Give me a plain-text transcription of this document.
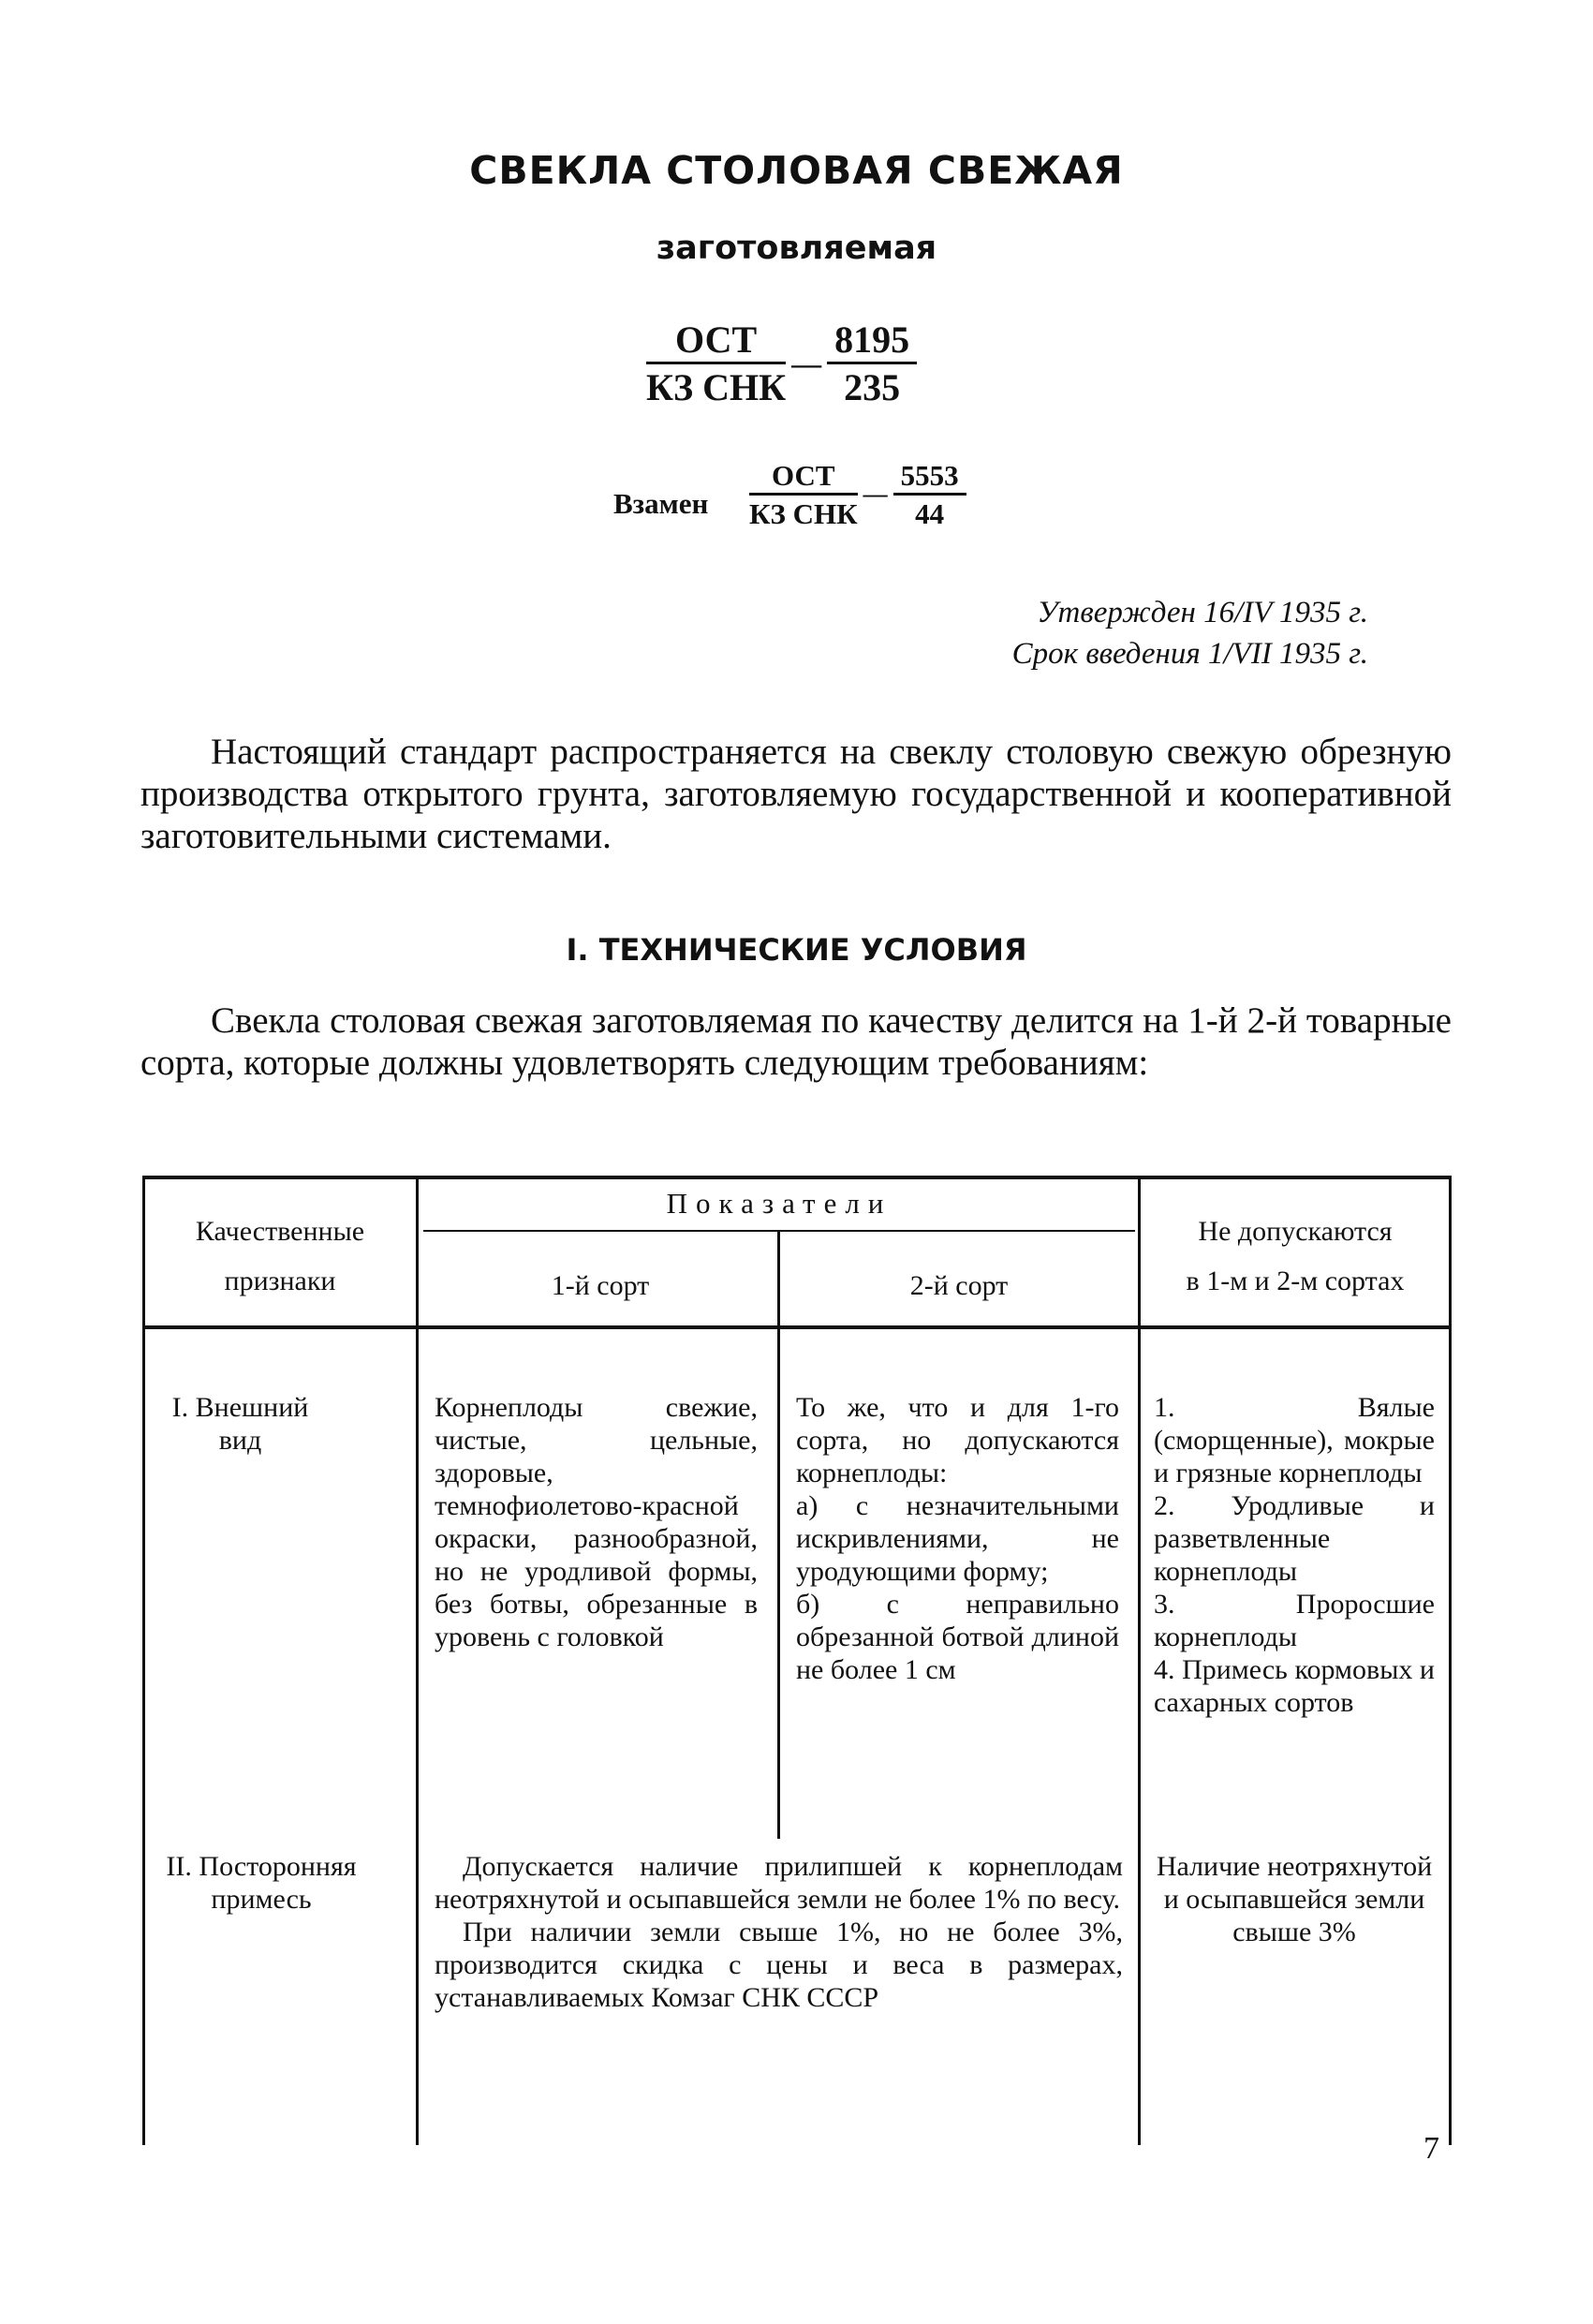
СВЕКЛА СТОЛОВАЯ СВЕЖАЯ
заготовляемая
$\frac{\text{ОСТ}}{\text{КЗ СНК}}$ — $\frac{8195}{235}$
Взамен $\frac{\text{ОСТ}}{\text{КЗ СНК}}$ — $\frac{5553}{44}$
Утвержден 16/IV 1935 г.
Срок введения 1/VII 1935 г.
Настоящий стандарт распространяется на свеклу столовую свежую обрезную производства открытого грунта, заготовляемую государственной и кооперативной заготовительными системами.
I. ТЕХНИЧЕСКИЕ УСЛОВИЯ
Свекла столовая свежая заготовляемая по качеству делится на 1-й 2-й товарные сорта, которые должны удовлетворять следующим требованиям:
Качественные
признаки
Показатели
1-й сорт	2-й сорт
Не допускаются
в 1-м и 2-м сортах
I. Внешний вид
Корнеплоды свежие, чистые, цельные, здоровые, темнофиолетово-красной окраски, разнообразной, но не уродливой формы, без ботвы, обрезанные в уровень с головкой
То же, что и для 1-го сорта, но допускаются корнеплоды:
а) с незначительными искривлениями, не уродующими форму;
б) с неправильно обрезанной ботвой длиной не более 1 см
1. Вялые (сморщенные), мокрые и грязные корнеплоды
2. Уродливые и разветвленные корнеплоды
3. Проросшие корнеплоды
4. Примесь кормовых и сахарных сортов
II. Посторонняя примесь
Допускается наличие прилипшей к корнеплодам неотряхнутой и осыпавшейся земли не более 1% по весу.
При наличии земли свыше 1%, но не более 3%, производится скидка с цены и веса в размерах, устанавливаемых Комзаг СНК СССР
Наличие неотряхнутой и осыпавшейся земли свыше 3%
7
